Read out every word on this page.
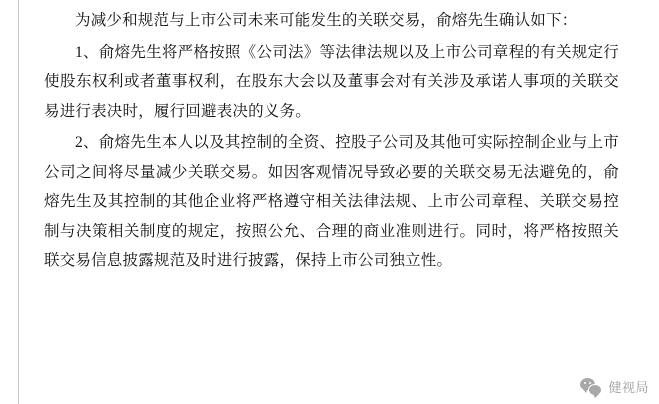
为减少和规范与上市公司未来可能发生的关联交易，俞熔先生确认如下：

1、俞熔先生将严格按照《公司法》等法律法规以及上市公司章程的有关规定行使股东权利或者董事权利，在股东大会以及董事会对有关涉及承诺人事项的关联交易进行表决时，履行回避表决的义务。

2、俞熔先生本人以及其控制的全资、控股子公司及其他可实际控制企业与上市公司之间将尽量减少关联交易。如因客观情况导致必要的关联交易无法避免的，俞熔先生及其控制的其他企业将严格遵守相关法律法规、上市公司章程、关联交易控制与决策相关制度的规定，按照公允、合理的商业准则进行。同时，将严格按照关联交易信息披露规范及时进行披露，保持上市公司独立性。

健视局
